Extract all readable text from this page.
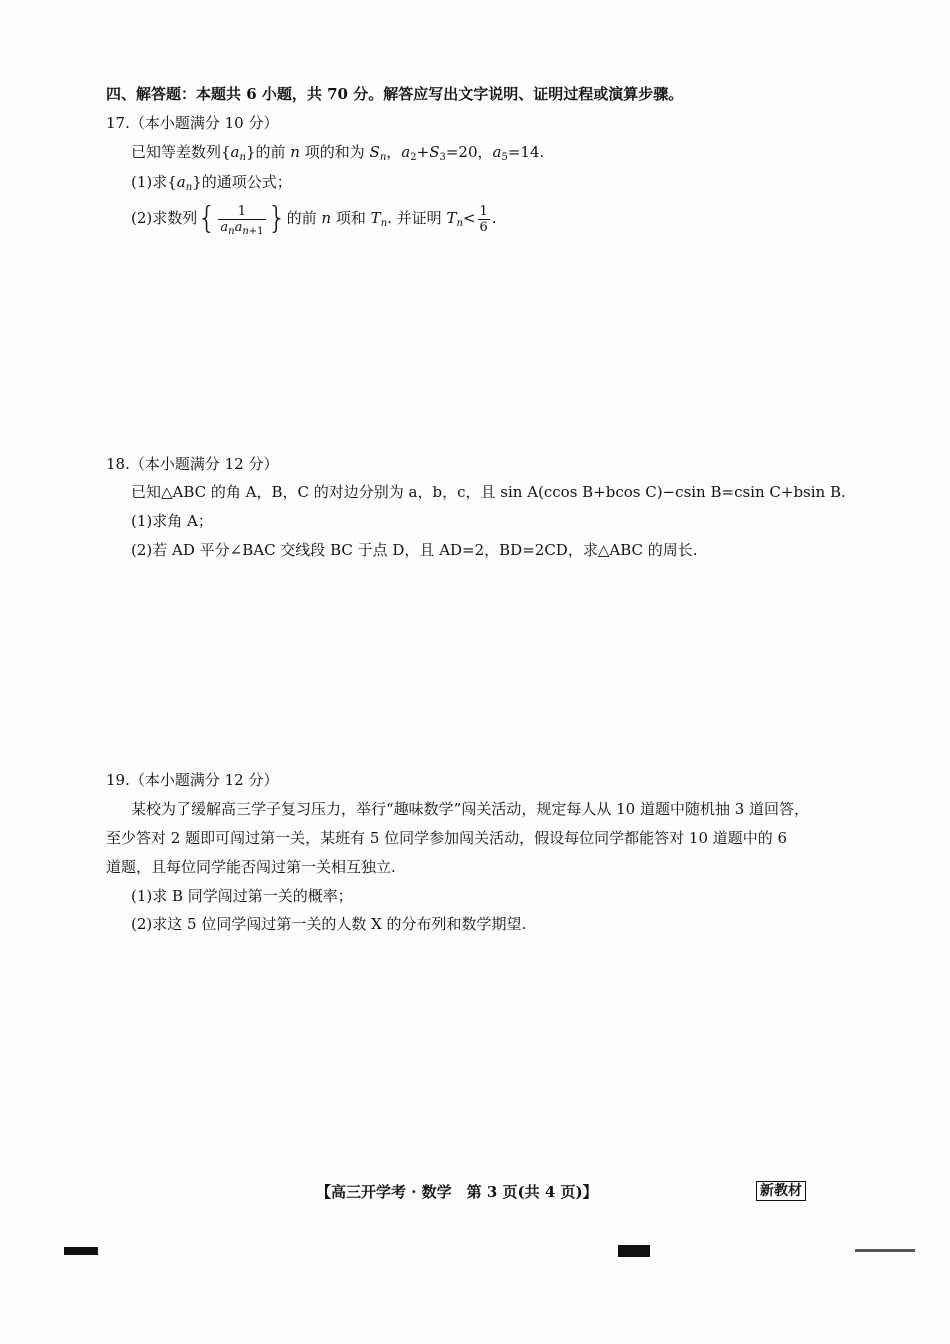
四、解答题：本题共 6 小题，共 70 分。解答应写出文字说明、证明过程或演算步骤。
17.（本小题满分 10 分）
已知等差数列$\{a_n\}$的前 n 项的和为 $S_n$，$a_2+S_3=20$，$a_5=14$.
(1)求$\{a_n\}$的通项公式；
(2)求数列{ $\frac{1}{a_na_{n+1}}$ }的前 n 项和 $T_n$. 并证明 $T_n< \frac{1}{6}$ .
18.（本小题满分 12 分）
已知△ABC 的角 A，B，C 的对边分别为 a，b，c，且 sin A(ccos B+bcos C)−csin B=csin C+bsin B.
(1)求角 A；
(2)若 AD 平分∠BAC 交线段 BC 于点 D，且 AD=2，BD=2CD，求△ABC 的周长.
19.（本小题满分 12 分）
某校为了缓解高三学子复习压力，举行“趣味数学”闯关活动，规定每人从 10 道题中随机抽 3 道回答，
至少答对 2 题即可闯过第一关，某班有 5 位同学参加闯关活动，假设每位同学都能答对 10 道题中的 6
道题，且每位同学能否闯过第一关相互独立.
(1)求 B 同学闯过第一关的概率；
(2)求这 5 位同学闯过第一关的人数 X 的分布列和数学期望.
【高三开学考 · 数学　第 3 页(共 4 页)】	新教材
